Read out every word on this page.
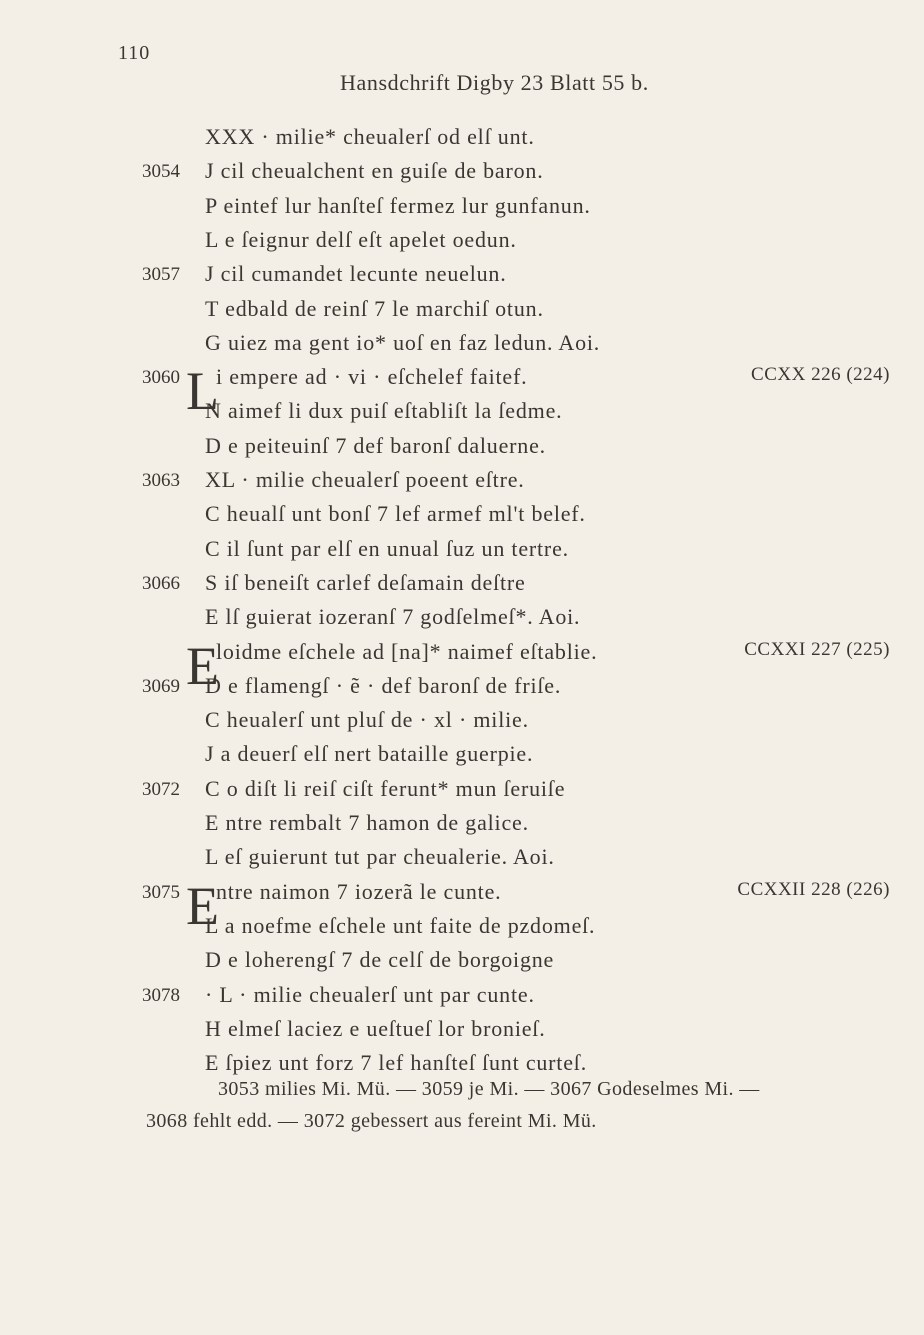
110
Hansdchrift Digby 23 Blatt 55 b.
XXX · milie* cheualerſ od elſ unt.
3054 J cil cheualchent en guiſe de baron.
P eintef lur hanſteſ fermez lur gunfanun.
L e ſeignur delſ eſt apelet oedun.
3057 J cil cumandet lecunte neuelun.
T edbald de reinſ 7 le marchiſ otun.
G uiez ma gent io* uoſ en faz ledun. Aoi.
3060 L
i empere ad · vi · eſchelef faitef.	CCXX 226 (224)
N aimef li dux puiſ eſtabliſt la ſedme.
D e peiteuinſ 7 def baronſ daluerne.
3063 XL · milie cheualerſ poeent eſtre.
C heualſ unt bonſ 7 lef armef ml't belef.
C il ſunt par elſ en unual ſuz un tertre.
3066 S iſ beneiſt carlef deſamain deſtre
E lſ guierat iozeranſ 7 godſelmeſ*. Aoi.
E
loidme eſchele ad [na]* naimef eſtablie.	CCXXI 227 (225)
3069 D e flamengſ · ẽ · def baronſ de friſe.
C heualerſ unt pluſ de · xl · milie.
J a deuerſ elſ nert bataille guerpie.
3072 C o diſt li reiſ ciſt ferunt* mun ſeruiſe
E ntre rembalt 7 hamon de galice.
L eſ guierunt tut par cheualerie. Aoi.
3075 E
ntre naimon 7 iozerã le cunte.	CCXXII 228 (226)
L a noefme eſchele unt faite de pzdomeſ.
D e loherengſ 7 de celſ de borgoigne
3078 · L · milie cheualerſ unt par cunte.
H elmeſ laciez e ueſtueſ lor bronieſ.
E ſpiez unt forz 7 lef hanſteſ ſunt curteſ.
3053 milies Mi. Mü. — 3059 je Mi. — 3067 Godeselmes Mi. —
3068 fehlt edd. — 3072 gebessert aus fereint Mi. Mü.
